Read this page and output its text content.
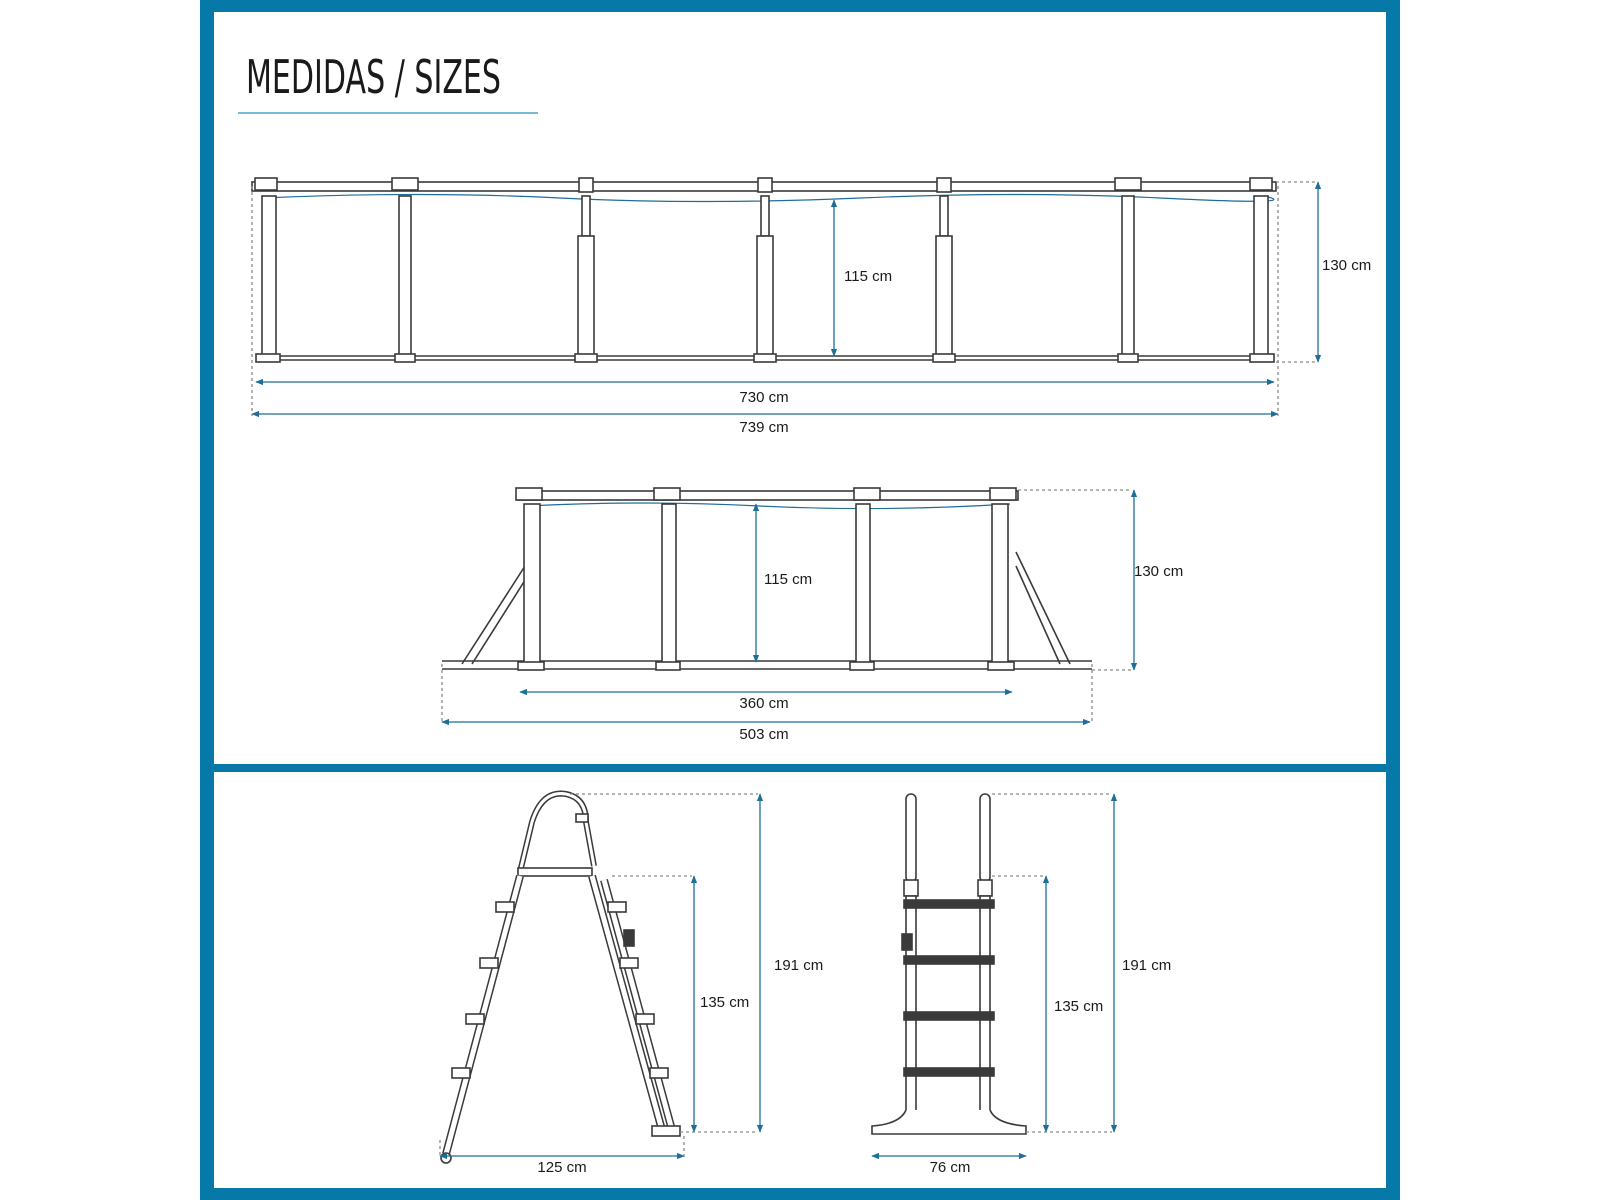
MEDIDAS / SIZES
115 cm
130 cm
730 cm
739 cm
115 cm	130 cm
360 cm
503 cm
191 cm
135 cm
125 cm
191 cm
135 cm
76 cm
